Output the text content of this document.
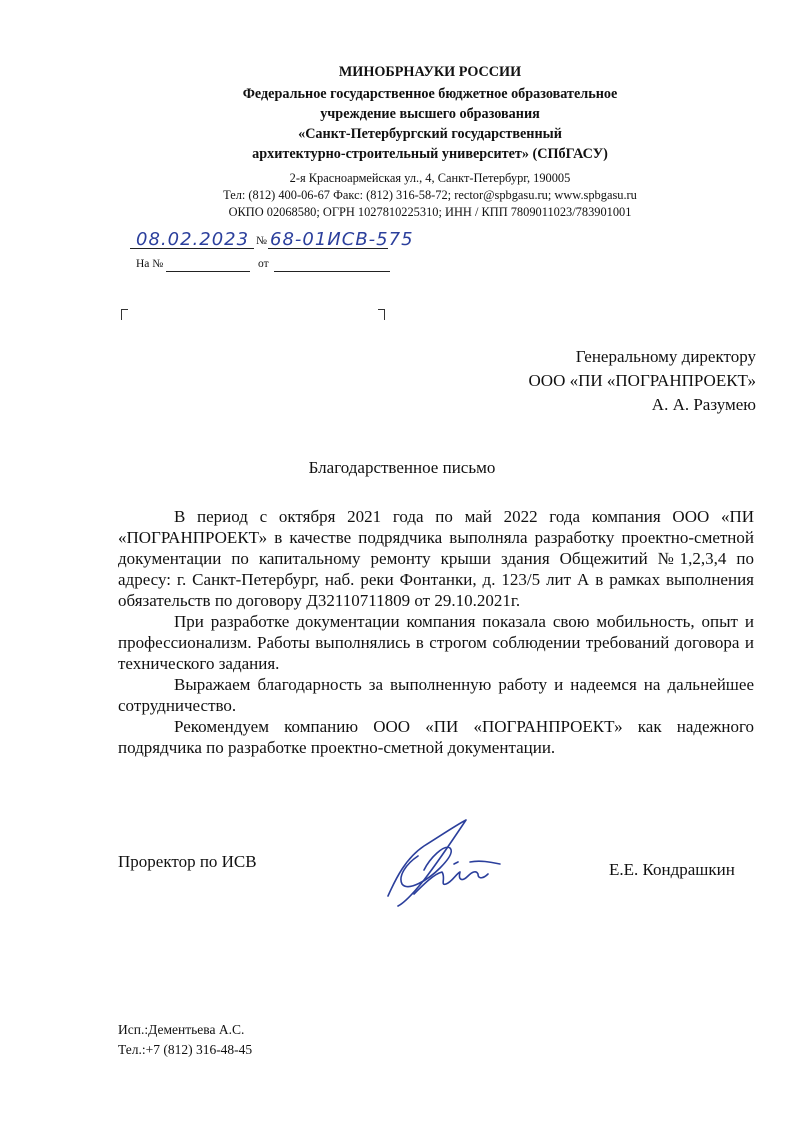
МИНОБРНАУКИ РОССИИ
Федеральное государственное бюджетное образовательное
учреждение высшего образования
«Санкт-Петербургский государственный
архитектурно-строительный университет» (СПбГАСУ)
2-я Красноармейская ул., 4, Санкт-Петербург, 190005
Тел: (812) 400-06-67 Факс: (812) 316-58-72; rector@spbgasu.ru; www.spbgasu.ru
ОКПО 02068580; ОГРН 1027810225310; ИНН / КПП 7809011023/783901001
08.02.2023 № 68-01ИСВ-575
На №	от
Генеральному директору
ООО «ПИ «ПОГРАНПРОЕКТ»
А. А. Разумею
Благодарственное письмо

В период с октября 2021 года по май 2022 года компания ООО «ПИ «ПОГРАНПРОЕКТ» в качестве подрядчика выполняла разработку проектно-сметной документации по капитальному ремонту крыши здания Общежитий №1,2,3,4 по адресу: г. Санкт-Петербург, наб. реки Фонтанки, д. 123/5 лит А в рамках выполнения обязательств по договору Д32110711809 от 29.10.2021г.

При разработке документации компания показала свою мобильность, опыт и профессионализм. Работы выполнялись в строгом соблюдении требований договора и технического задания.

Выражаем благодарность за выполненную работу и надеемся на дальнейшее сотрудничество.

Рекомендуем компанию ООО «ПИ «ПОГРАНПРОЕКТ» как надежного подрядчика по разработке проектно-сметной документации.

Проректор по ИСВ	Е.Е. Кондрашкин
Исп.:Дементьева А.С.
Тел.:+7 (812) 316-48-45
